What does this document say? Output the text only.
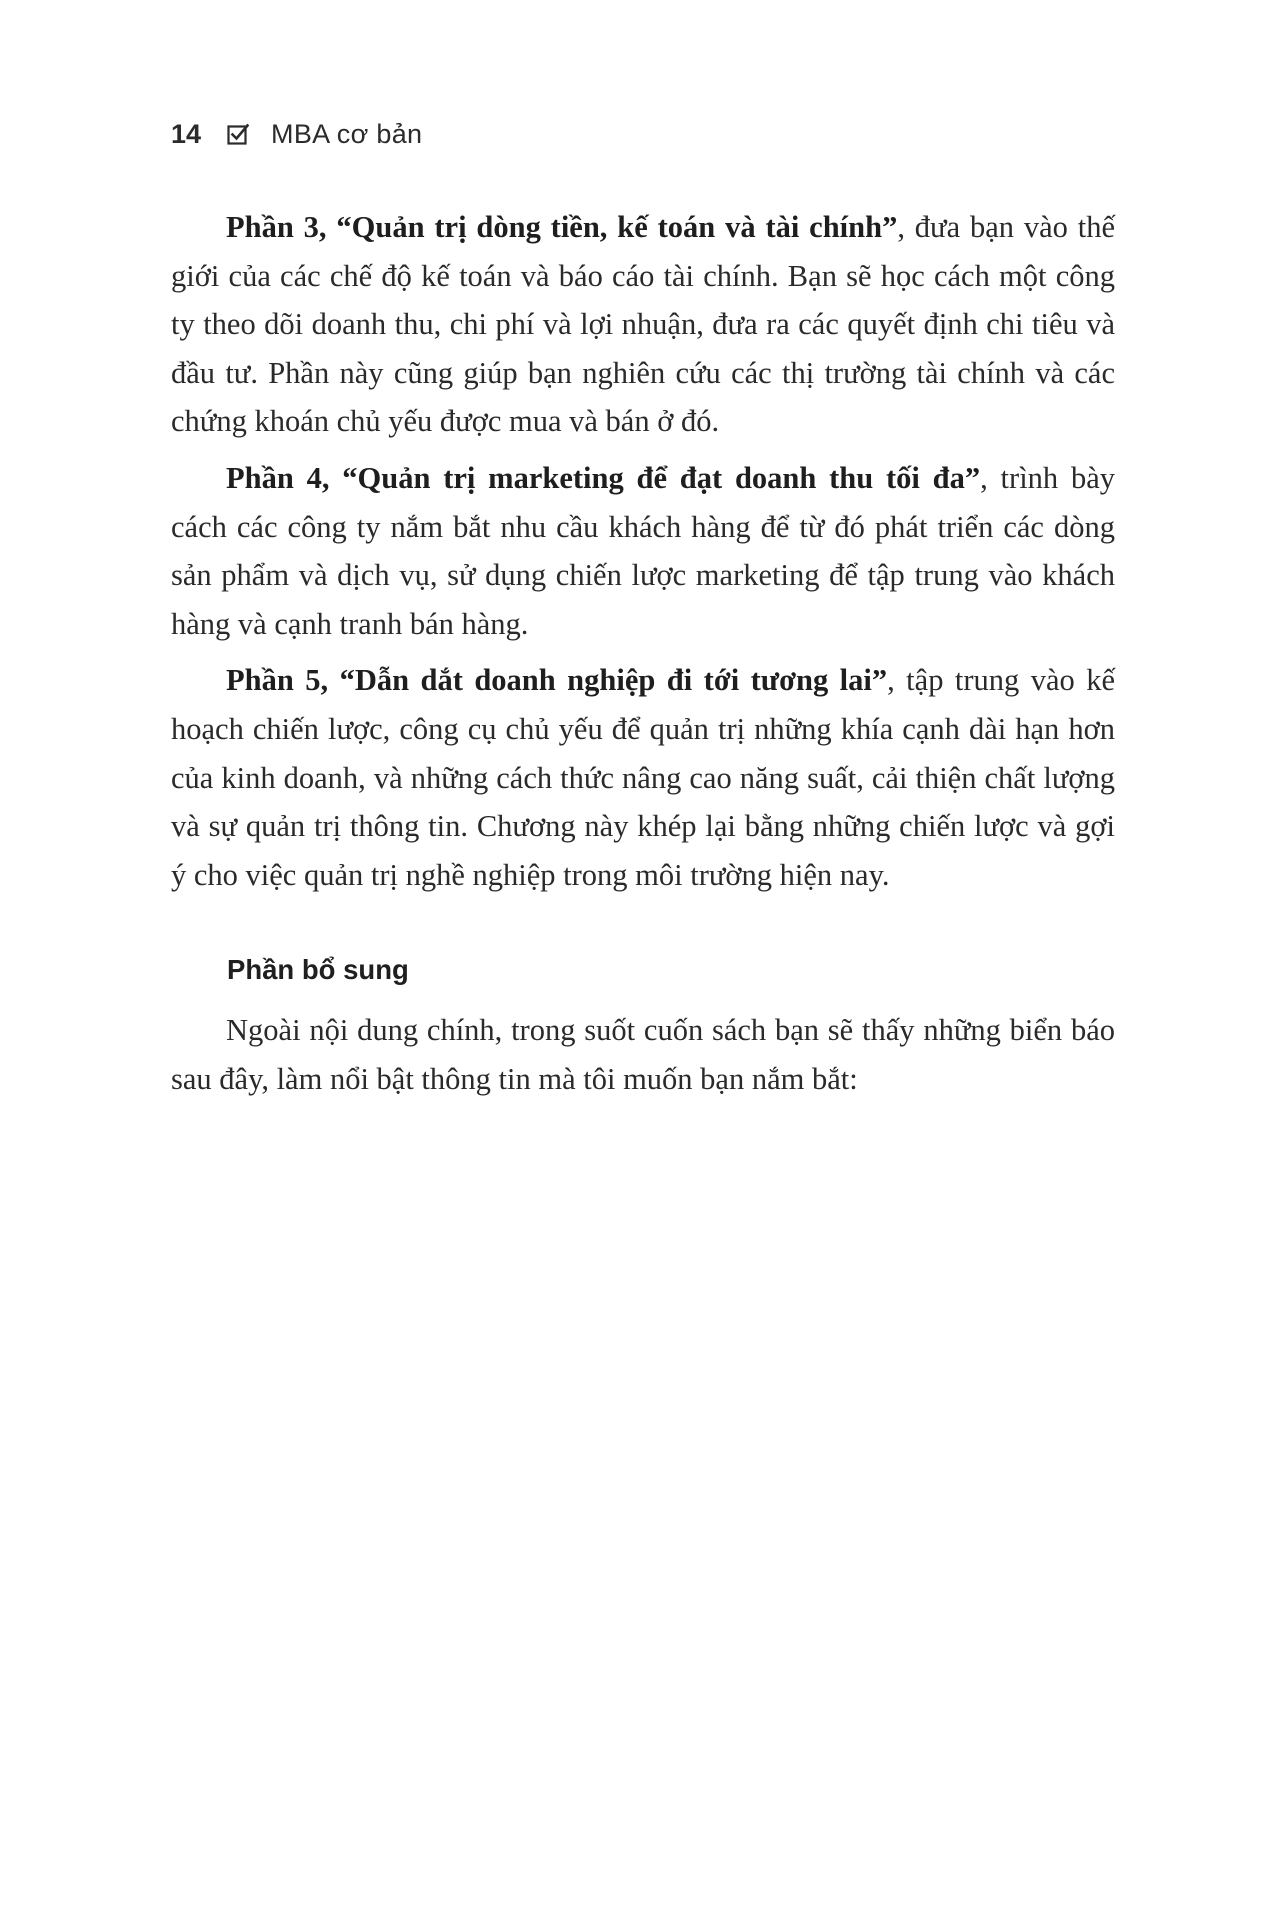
14	MBA cơ bản

Phần 3, “Quản trị dòng tiền, kế toán và tài chính”, đưa bạn vào thế giới của các chế độ kế toán và báo cáo tài chính. Bạn sẽ học cách một công ty theo dõi doanh thu, chi phí và lợi nhuận, đưa ra các quyết định chi tiêu và đầu tư. Phần này cũng giúp bạn nghiên cứu các thị trường tài chính và các chứng khoán chủ yếu được mua và bán ở đó.

Phần 4, “Quản trị marketing để đạt doanh thu tối đa”, trình bày cách các công ty nắm bắt nhu cầu khách hàng để từ đó phát triển các dòng sản phẩm và dịch vụ, sử dụng chiến lược marketing để tập trung vào khách hàng và cạnh tranh bán hàng.

Phần 5, “Dẫn dắt doanh nghiệp đi tới tương lai”, tập trung vào kế hoạch chiến lược, công cụ chủ yếu để quản trị những khía cạnh dài hạn hơn của kinh doanh, và những cách thức nâng cao năng suất, cải thiện chất lượng và sự quản trị thông tin. Chương này khép lại bằng những chiến lược và gợi ý cho việc quản trị nghề nghiệp trong môi trường hiện nay.

Phần bổ sung

Ngoài nội dung chính, trong suốt cuốn sách bạn sẽ thấy những biển báo sau đây, làm nổi bật thông tin mà tôi muốn bạn nắm bắt:
